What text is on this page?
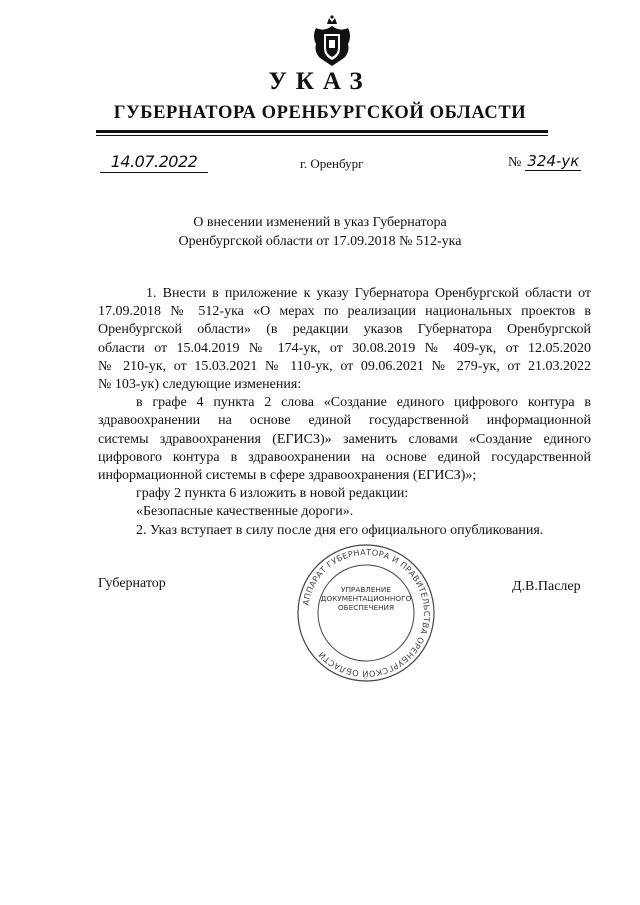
УКАЗ
ГУБЕРНАТОРА ОРЕНБУРГСКОЙ ОБЛАСТИ
14.07.2022	г. Оренбург	№ 324-ук
О внесении изменений в указ Губернатора
Оренбургской области от 17.09.2018 № 512-ука
1. Внести в приложение к указу Губернатора Оренбургской области от
17.09.2018 № 512-ука «О мерах по реализации национальных проектов в
Оренбургской области» (в редакции указов Губернатора Оренбургской
области от 15.04.2019 № 174-ук, от 30.08.2019 № 409-ук, от 12.05.2020
№ 210-ук, от 15.03.2021 № 110-ук, от 09.06.2021 № 279-ук, от 21.03.2022
№ 103-ук) следующие изменения:
в графе 4 пункта 2 слова «Создание единого цифрового контура в
здравоохранении на основе единой государственной информационной
системы здравоохранения (ЕГИСЗ)» заменить словами «Создание единого
цифрового контура в здравоохранении на основе единой государственной
информационной системы в сфере здравоохранения (ЕГИСЗ)»;
графу 2 пункта 6 изложить в новой редакции:
«Безопасные качественные дороги».
2. Указ вступает в силу после дня его официального опубликования.
Губернатор	Д.В.Паслер
АППАРАТ ГУБЕРНАТОРА И ПРАВИТЕЛЬСТВА ОРЕНБУРГСКОЙ ОБЛАСТИ
УПРАВЛЕНИЕ
ДОКУМЕНТАЦИОННОГО
ОБЕСПЕЧЕНИЯ
